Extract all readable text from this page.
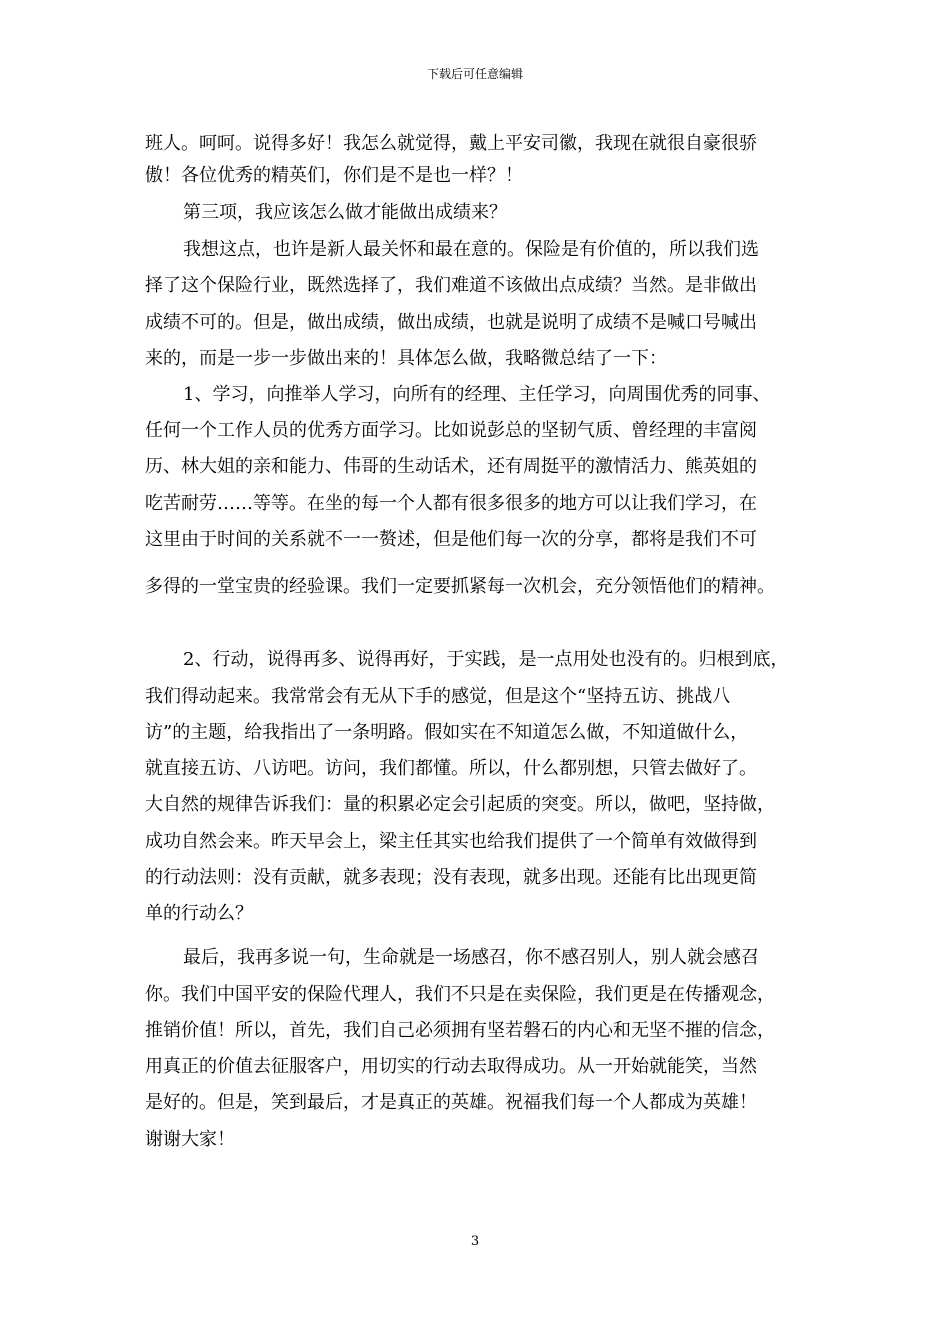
下载后可任意编辑
班人。呵呵。说得多好！我怎么就觉得，戴上平安司徽，我现在就很自豪很骄
傲！各位优秀的精英们，你们是不是也一样？！
第三项，我应该怎么做才能做出成绩来？
我想这点，也许是新人最关怀和最在意的。保险是有价值的，所以我们选
择了这个保险行业，既然选择了，我们难道不该做出点成绩？当然。是非做出
成绩不可的。但是，做出成绩，做出成绩，也就是说明了成绩不是喊口号喊出
来的，而是一步一步做出来的！具体怎么做，我略微总结了一下：
1、学习，向推举人学习，向所有的经理、主任学习，向周围优秀的同事、
任何一个工作人员的优秀方面学习。比如说彭总的坚韧气质、曾经理的丰富阅
历、林大姐的亲和能力、伟哥的生动话术，还有周挺平的激情活力、熊英姐的
吃苦耐劳……等等。在坐的每一个人都有很多很多的地方可以让我们学习，在
这里由于时间的关系就不一一赘述，但是他们每一次的分享，都将是我们不可
多得的一堂宝贵的经验课。我们一定要抓紧每一次机会，充分领悟他们的精神。
2、行动，说得再多、说得再好，于实践，是一点用处也没有的。归根到底，
我们得动起来。我常常会有无从下手的感觉，但是这个“坚持五访、挑战八
访”的主题，给我指出了一条明路。假如实在不知道怎么做，不知道做什么，
就直接五访、八访吧。访问，我们都懂。所以，什么都别想，只管去做好了。
大自然的规律告诉我们：量的积累必定会引起质的突变。所以，做吧，坚持做，
成功自然会来。昨天早会上，梁主任其实也给我们提供了一个简单有效做得到
的行动法则：没有贡献，就多表现；没有表现，就多出现。还能有比出现更简
单的行动么？
最后，我再多说一句，生命就是一场感召，你不感召别人，别人就会感召
你。我们中国平安的保险代理人，我们不只是在卖保险，我们更是在传播观念，
推销价值！所以，首先，我们自己必须拥有坚若磐石的内心和无坚不摧的信念，
用真正的价值去征服客户，用切实的行动去取得成功。从一开始就能笑，当然
是好的。但是，笑到最后，才是真正的英雄。祝福我们每一个人都成为英雄！
谢谢大家！
3
